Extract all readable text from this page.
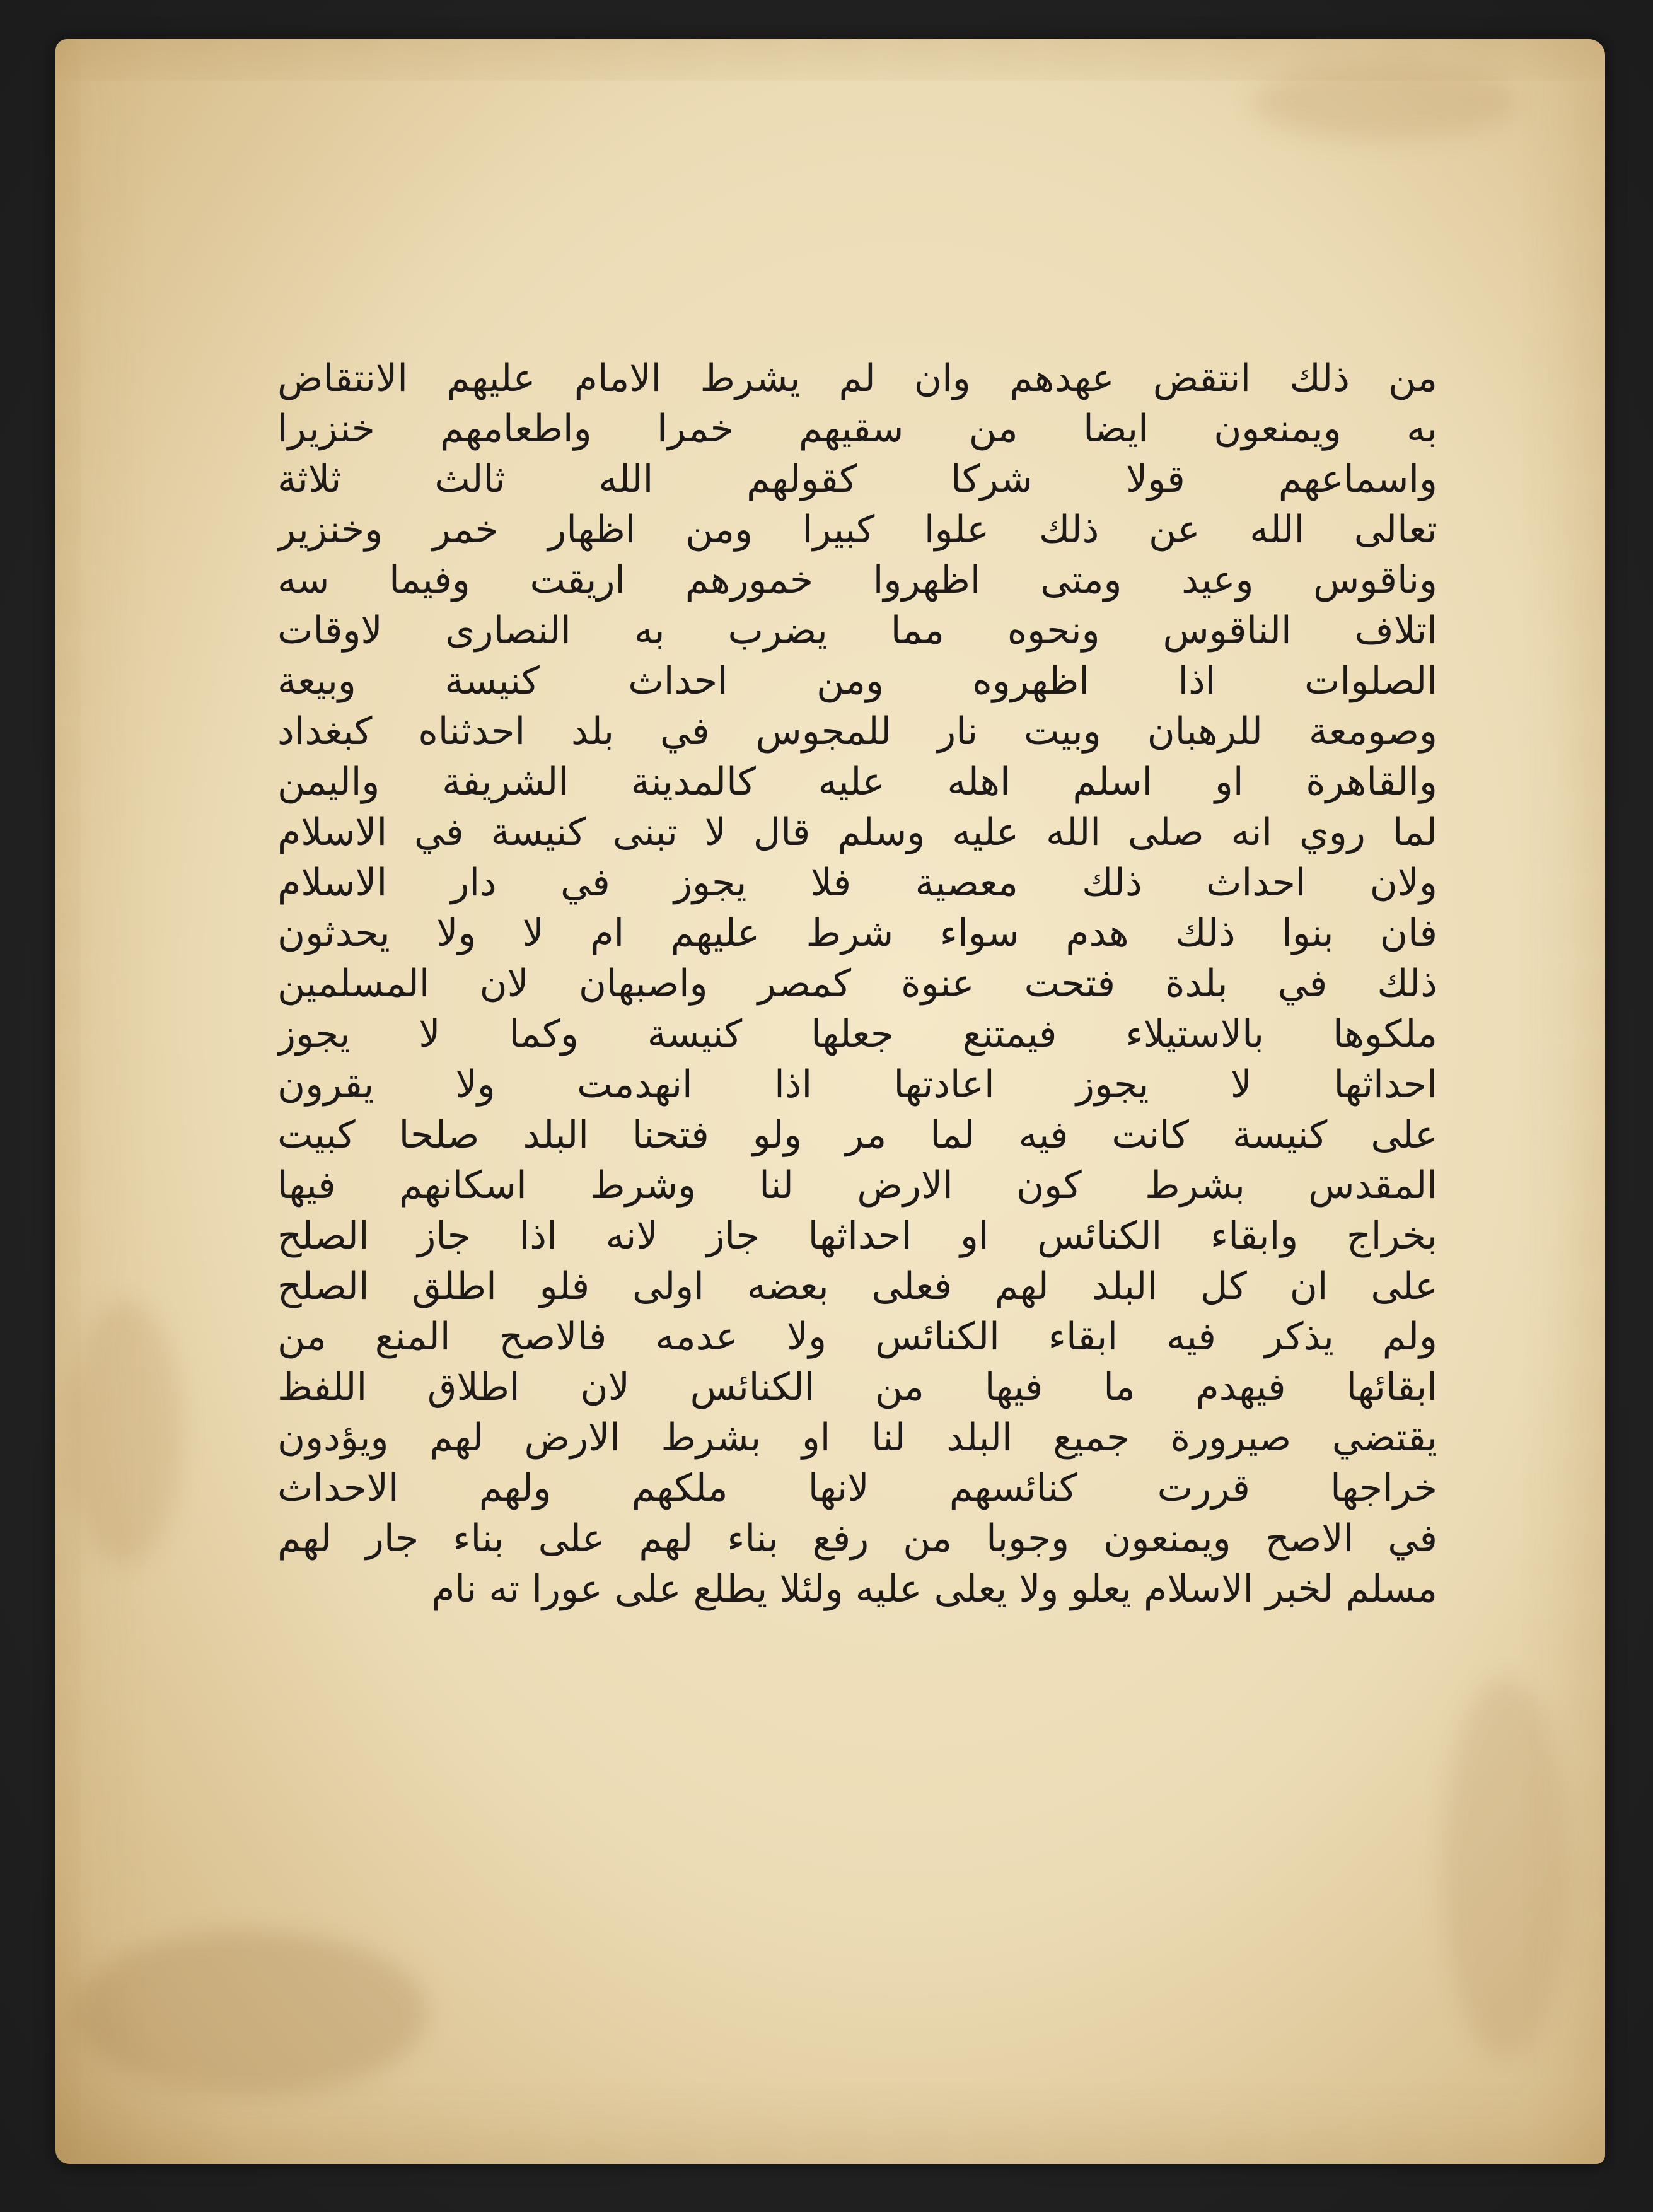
من ذلك انتقض عهدهم وان لم يشرط الامام عليهم الانتقاض
به ويمنعون ايضا من سقيهم خمرا واطعامهم خنزيرا
واسماعهم قولا شركا كقولهم الله ثالث ثلاثة
تعالى الله عن ذلك علوا كبيرا ومن اظهار خمر وخنزير
وناقوس وعيد ومتى اظهروا خمورهم اريقت وفيما سه
اتلاف الناقوس ونحوه مما يضرب به النصارى لاوقات
الصلوات اذا اظهروه ومن احداث كنيسة وبيعة
وصومعة للرهبان وبيت نار للمجوس في بلد احدثناه كبغداد
والقاهرة او اسلم اهله عليه كالمدينة الشريفة واليمن
لما روي انه صلى الله عليه وسلم قال لا تبنى كنيسة في الاسلام
ولان احداث ذلك معصية فلا يجوز في دار الاسلام
فان بنوا ذلك هدم سواء شرط عليهم ام لا ولا يحدثون
ذلك في بلدة فتحت عنوة كمصر واصبهان لان المسلمين
ملكوها بالاستيلاء فيمتنع جعلها كنيسة وكما لا يجوز
احداثها لا يجوز اعادتها اذا انهدمت ولا يقرون
على كنيسة كانت فيه لما مر ولو فتحنا البلد صلحا كبيت
المقدس بشرط كون الارض لنا وشرط اسكانهم فيها
بخراج وابقاء الكنائس او احداثها جاز لانه اذا جاز الصلح
على ان كل البلد لهم فعلى بعضه اولى فلو اطلق الصلح
ولم يذكر فيه ابقاء الكنائس ولا عدمه فالاصح المنع من
ابقائها فيهدم ما فيها من الكنائس لان اطلاق اللفظ
يقتضي صيرورة جميع البلد لنا او بشرط الارض لهم ويؤدون
خراجها قررت كنائسهم لانها ملكهم ولهم الاحداث
في الاصح ويمنعون وجوبا من رفع بناء لهم على بناء جار لهم
مسلم لخبر الاسلام يعلو ولا يعلى عليه ولئلا يطلع على عورا ته نام
